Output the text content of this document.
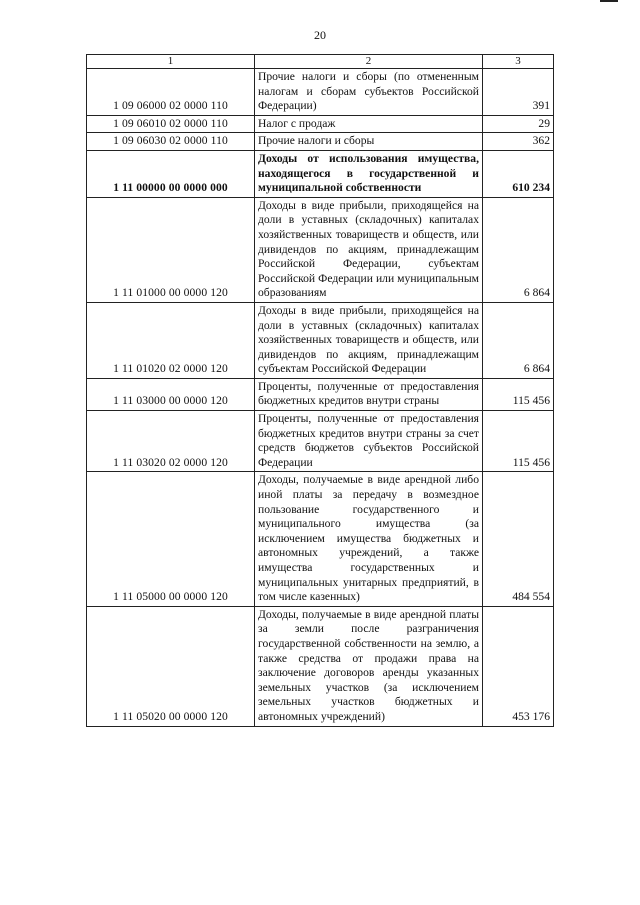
20
1	2	3
1 09 06000 02 0000 110	Прочие налоги и сборы (по отмененным налогам и сборам субъектов Российской Федерации)	391
1 09 06010 02 0000 110	Налог с продаж	29
1 09 06030 02 0000 110	Прочие налоги и сборы	362
1 11 00000 00 0000 000	Доходы от использования имущества, находящегося в государственной и муниципальной собственности	610 234
1 11 01000 00 0000 120	Доходы в виде прибыли, приходящейся на доли в уставных (складочных) капиталах хозяйственных товариществ и обществ, или дивидендов по акциям, принадлежащим Российской Федерации, субъектам Российской Федерации или муниципальным образованиям	6 864
1 11 01020 02 0000 120	Доходы в виде прибыли, приходящейся на доли в уставных (складочных) капиталах хозяйственных товариществ и обществ, или дивидендов по акциям, принадлежащим субъектам Российской Федерации	6 864
1 11 03000 00 0000 120	Проценты, полученные от предоставления бюджетных кредитов внутри страны	115 456
1 11 03020 02 0000 120	Проценты, полученные от предоставления бюджетных кредитов внутри страны за счет средств бюджетов субъектов Российской Федерации	115 456
1 11 05000 00 0000 120	Доходы, получаемые в виде арендной либо иной платы за передачу в возмездное пользование государственного и муниципального имущества (за исключением имущества бюджетных и автономных учреждений, а также имущества государственных и муниципальных унитарных предприятий, в том числе казенных)	484 554
1 11 05020 00 0000 120	Доходы, получаемые в виде арендной платы за земли после разграничения государственной собственности на землю, а также средства от продажи права на заключение договоров аренды указанных земельных участков (за исключением земельных участков бюджетных и автономных учреждений)	453 176
